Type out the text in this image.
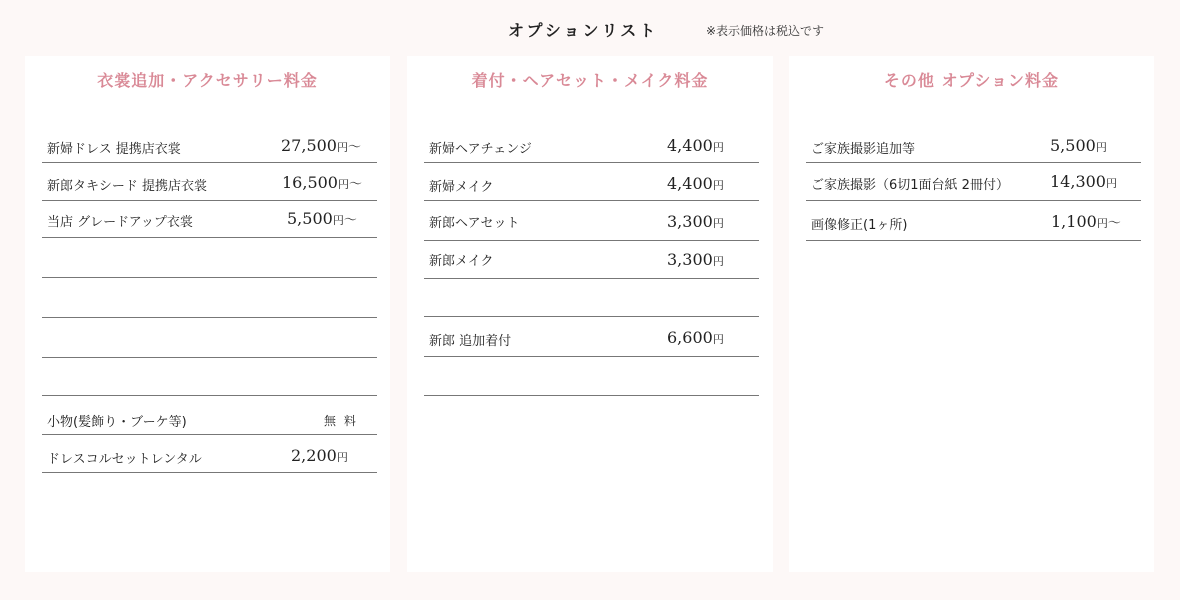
オプションリスト	※表示価格は税込です
衣裳追加・アクセサリー料金
新婦ドレス 提携店衣裳	27,500円〜
新郎タキシード 提携店衣裳	16,500円〜
当店 グレードアップ衣裳	5,500円〜
小物(髪飾り・ブーケ等)	無 料
ドレスコルセットレンタル	2,200円
着付・ヘアセット・メイク料金
新婦ヘアチェンジ	4,400円
新婦メイク	4,400円
新郎ヘアセット	3,300円
新郎メイク	3,300円
新郎 追加着付	6,600円
その他 オプション料金
ご家族撮影追加等	5,500円
ご家族撮影（6切1面台紙 2冊付）	14,300円
画像修正(1ヶ所)	1,100円〜
